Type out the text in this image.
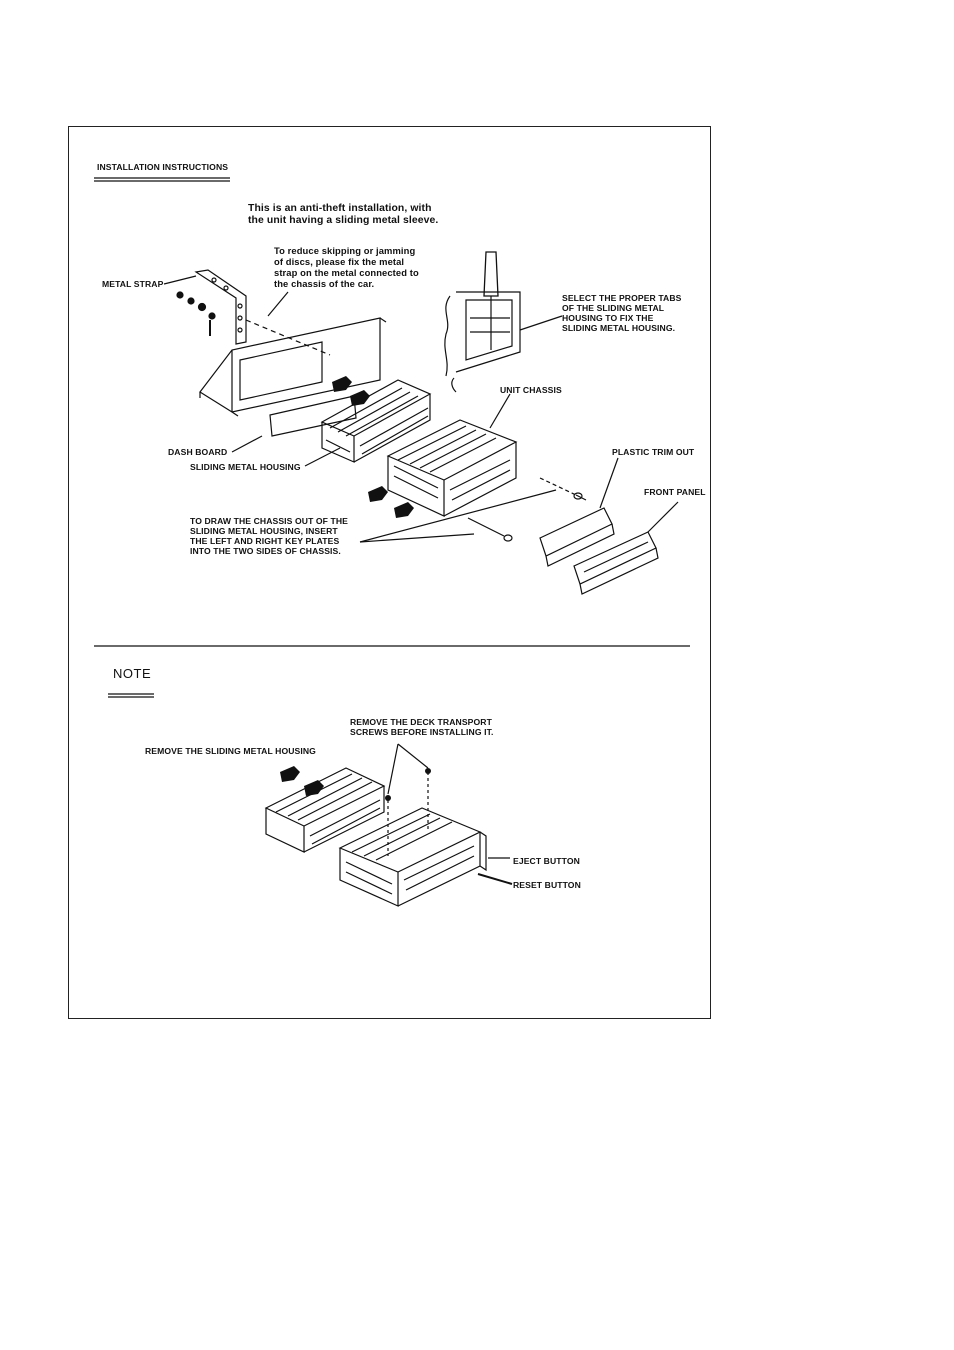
INSTALLATION INSTRUCTIONS
This is an anti-theft installation, with
the unit having a sliding metal sleeve.
To reduce skipping or jamming
of discs, please fix the metal
strap on the metal connected to
the chassis of the car.
METAL STRAP
SELECT THE PROPER TABS
OF THE SLIDING METAL
HOUSING TO FIX THE
SLIDING METAL HOUSING.
UNIT CHASSIS
DASH BOARD
SLIDING METAL HOUSING
PLASTIC TRIM OUT
FRONT PANEL
TO DRAW THE CHASSIS OUT OF THE
SLIDING METAL HOUSING, INSERT
THE LEFT AND RIGHT KEY PLATES
INTO THE TWO SIDES OF CHASSIS.
NOTE
REMOVE THE DECK TRANSPORT
SCREWS BEFORE INSTALLING IT.
REMOVE THE SLIDING METAL HOUSING
EJECT BUTTON
RESET BUTTON
